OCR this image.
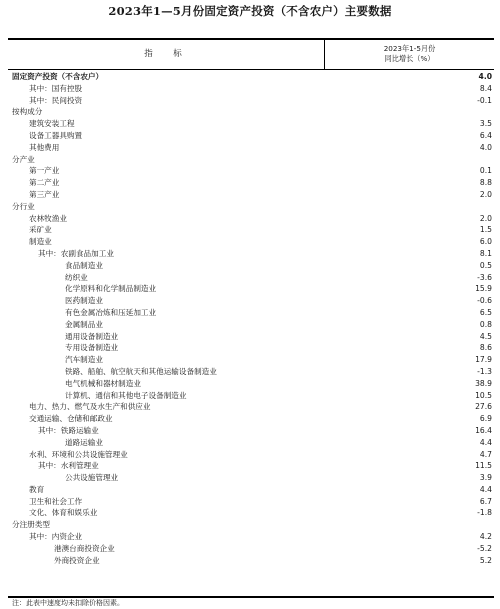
2023年1—5月份固定资产投资（不含农户）主要数据
指　标
2023年1-5月份
同比增长（%）
固定资产投资（不含农户）	4.0
其中：国有控股	8.4
其中：民间投资	-0.1
按构成分
建筑安装工程	3.5
设备工器具购置	6.4
其他费用	4.0
分产业
第一产业	0.1
第二产业	8.8
第三产业	2.0
分行业
农林牧渔业	2.0
采矿业	1.5
制造业	6.0
其中：农副食品加工业	8.1
食品制造业	0.5
纺织业	-3.6
化学原料和化学制品制造业	15.9
医药制造业	-0.6
有色金属冶炼和压延加工业	6.5
金属制品业	0.8
通用设备制造业	4.5
专用设备制造业	8.6
汽车制造业	17.9
铁路、船舶、航空航天和其他运输设备制造业	-1.3
电气机械和器材制造业	38.9
计算机、通信和其他电子设备制造业	10.5
电力、热力、燃气及水生产和供应业	27.6
交通运输、仓储和邮政业	6.9
其中：铁路运输业	16.4
道路运输业	4.4
水利、环境和公共设施管理业	4.7
其中：水利管理业	11.5
公共设施管理业	3.9
教育	4.4
卫生和社会工作	6.7
文化、体育和娱乐业	-1.8
分注册类型
其中：内资企业	4.2
港澳台商投资企业	-5.2
外商投资企业	5.2
注：此表中速度均未扣除价格因素。
